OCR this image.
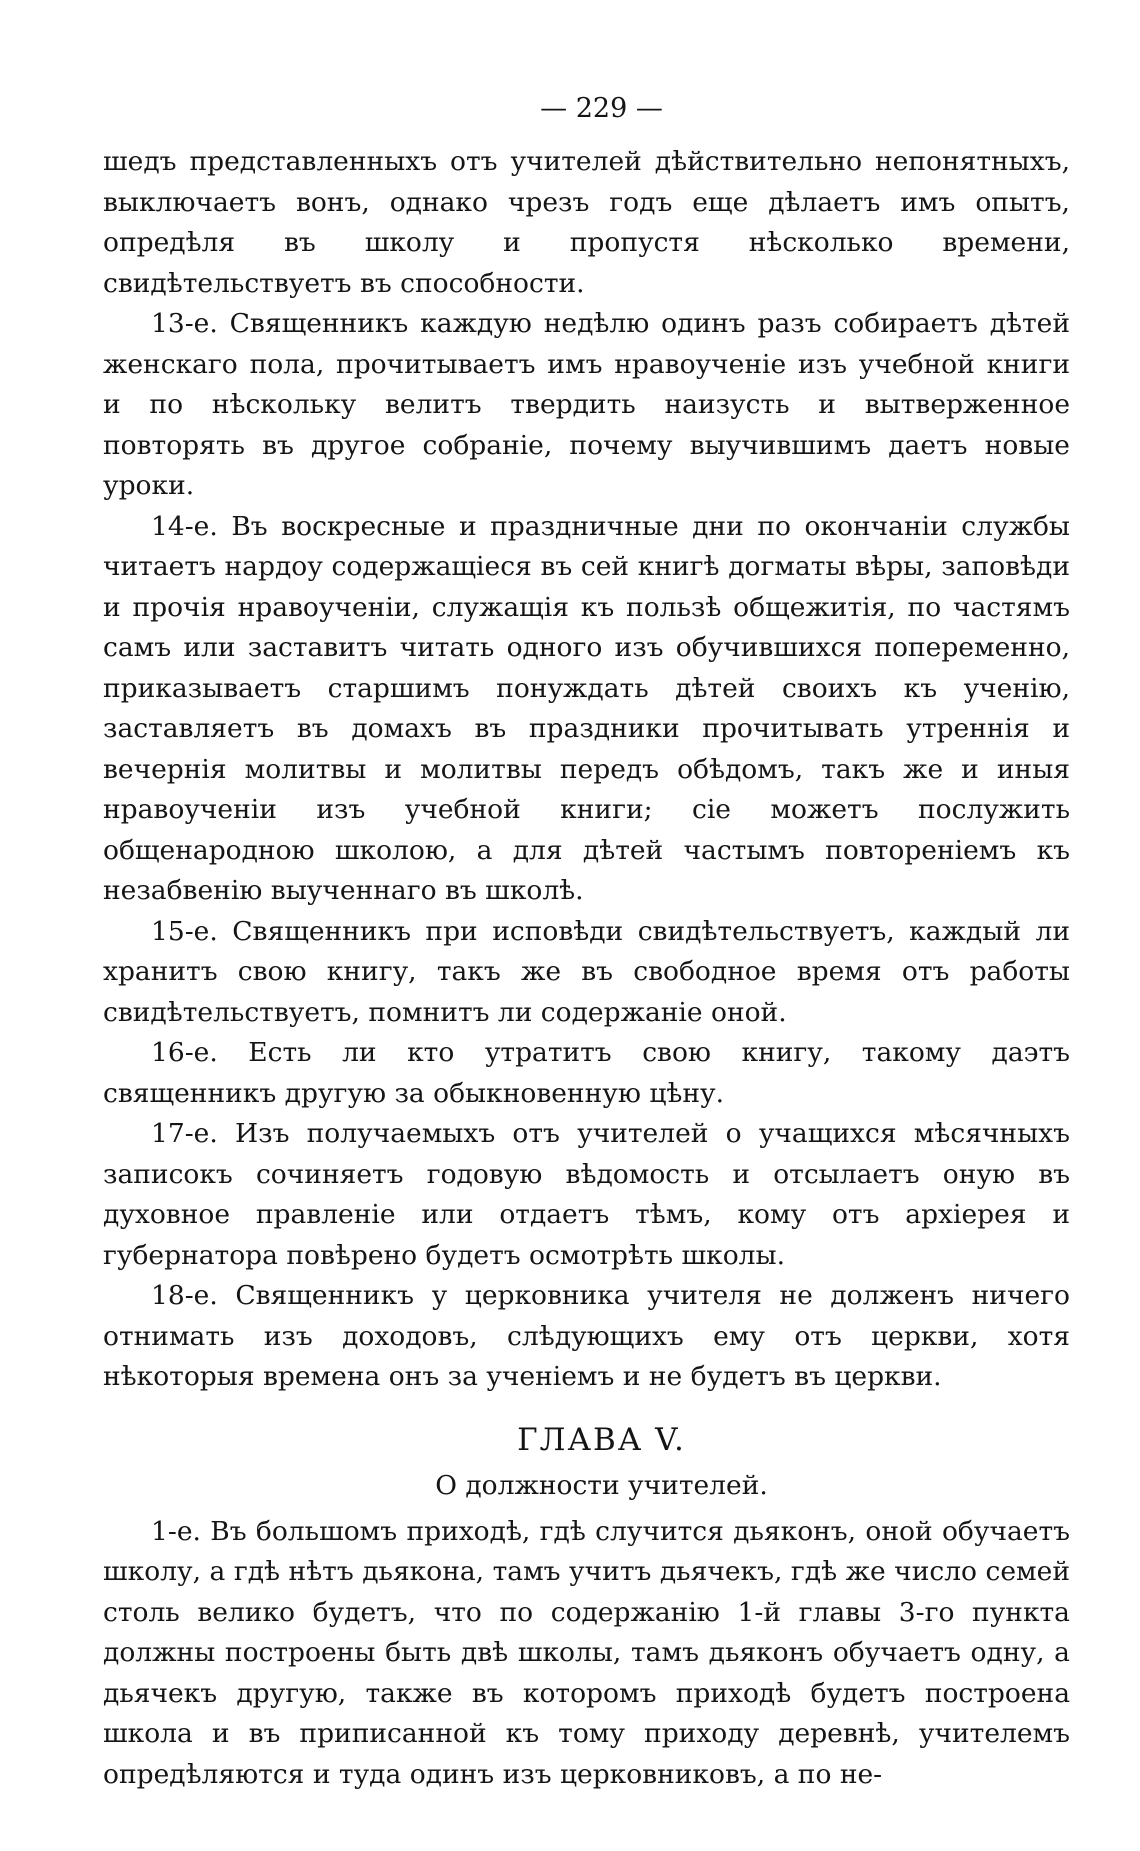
— 229 —

шедъ представленныхъ отъ учителей дѣйствительно непонятныхъ, выключаетъ вонъ, однако чрезъ годъ еще дѣлаетъ имъ опытъ, опредѣля въ школу и пропустя нѣсколько времени, свидѣтельствуетъ въ способности.

13-е. Священникъ каждую недѣлю одинъ разъ собираетъ дѣтей женскаго пола, прочитываетъ имъ нравоученіе изъ учебной книги и по нѣскольку велитъ твердить наизусть и вытверженное повторять въ другое собраніе, почему выучившимъ даетъ новые уроки.

14-е. Въ воскресные и праздничные дни по окончаніи службы читаетъ нардоу содержащіеся въ сей книгѣ догматы вѣры, заповѣди и прочія нравоученіи, служащія къ пользѣ общежитія, по частямъ самъ или заставитъ читать одного изъ обучившихся попеременно, приказываетъ старшимъ понуждать дѣтей своихъ къ ученію, заставляетъ въ домахъ въ праздники прочитывать утреннія и вечернія молитвы и молитвы передъ обѣдомъ, такъ же и иныя нравоученіи изъ учебной книги; сіе можетъ послужить общенародною школою, а для дѣтей частымъ повтореніемъ къ незабвенію выученнаго въ школѣ.

15-е. Священникъ при исповѣди свидѣтельствуетъ, каждый ли хранитъ свою книгу, такъ же въ свободное время отъ работы свидѣтельствуетъ, помнитъ ли содержаніе оной.

16-е. Есть ли кто утратитъ свою книгу, такому даэтъ священникъ другую за обыкновенную цѣну.

17-е. Изъ получаемыхъ отъ учителей о учащихся мѣсячныхъ записокъ сочиняетъ годовую вѣдомость и отсылаетъ оную въ духовное правленіе или отдаетъ тѣмъ, кому отъ архіерея и губернатора повѣрено будетъ осмотрѣть школы.

18-е. Священникъ у церковника учителя не долженъ ничего отнимать изъ доходовъ, слѣдующихъ ему отъ церкви, хотя нѣкоторыя времена онъ за ученіемъ и не будетъ въ церкви.

ГЛАВА V.
О должности учителей.

1-е. Въ большомъ приходѣ, гдѣ случится дьяконъ, оной обучаетъ школу, а гдѣ нѣтъ дьякона, тамъ учитъ дьячекъ, гдѣ же число семей столь велико будетъ, что по содержанію 1-й главы 3-го пункта должны построены быть двѣ школы, тамъ дьяконъ обучаетъ одну, а дьячекъ другую, также въ которомъ приходѣ будетъ построена школа и въ приписанной къ тому приходу деревнѣ, учителемъ опредѣляются и туда одинъ изъ церковниковъ, а по не-
